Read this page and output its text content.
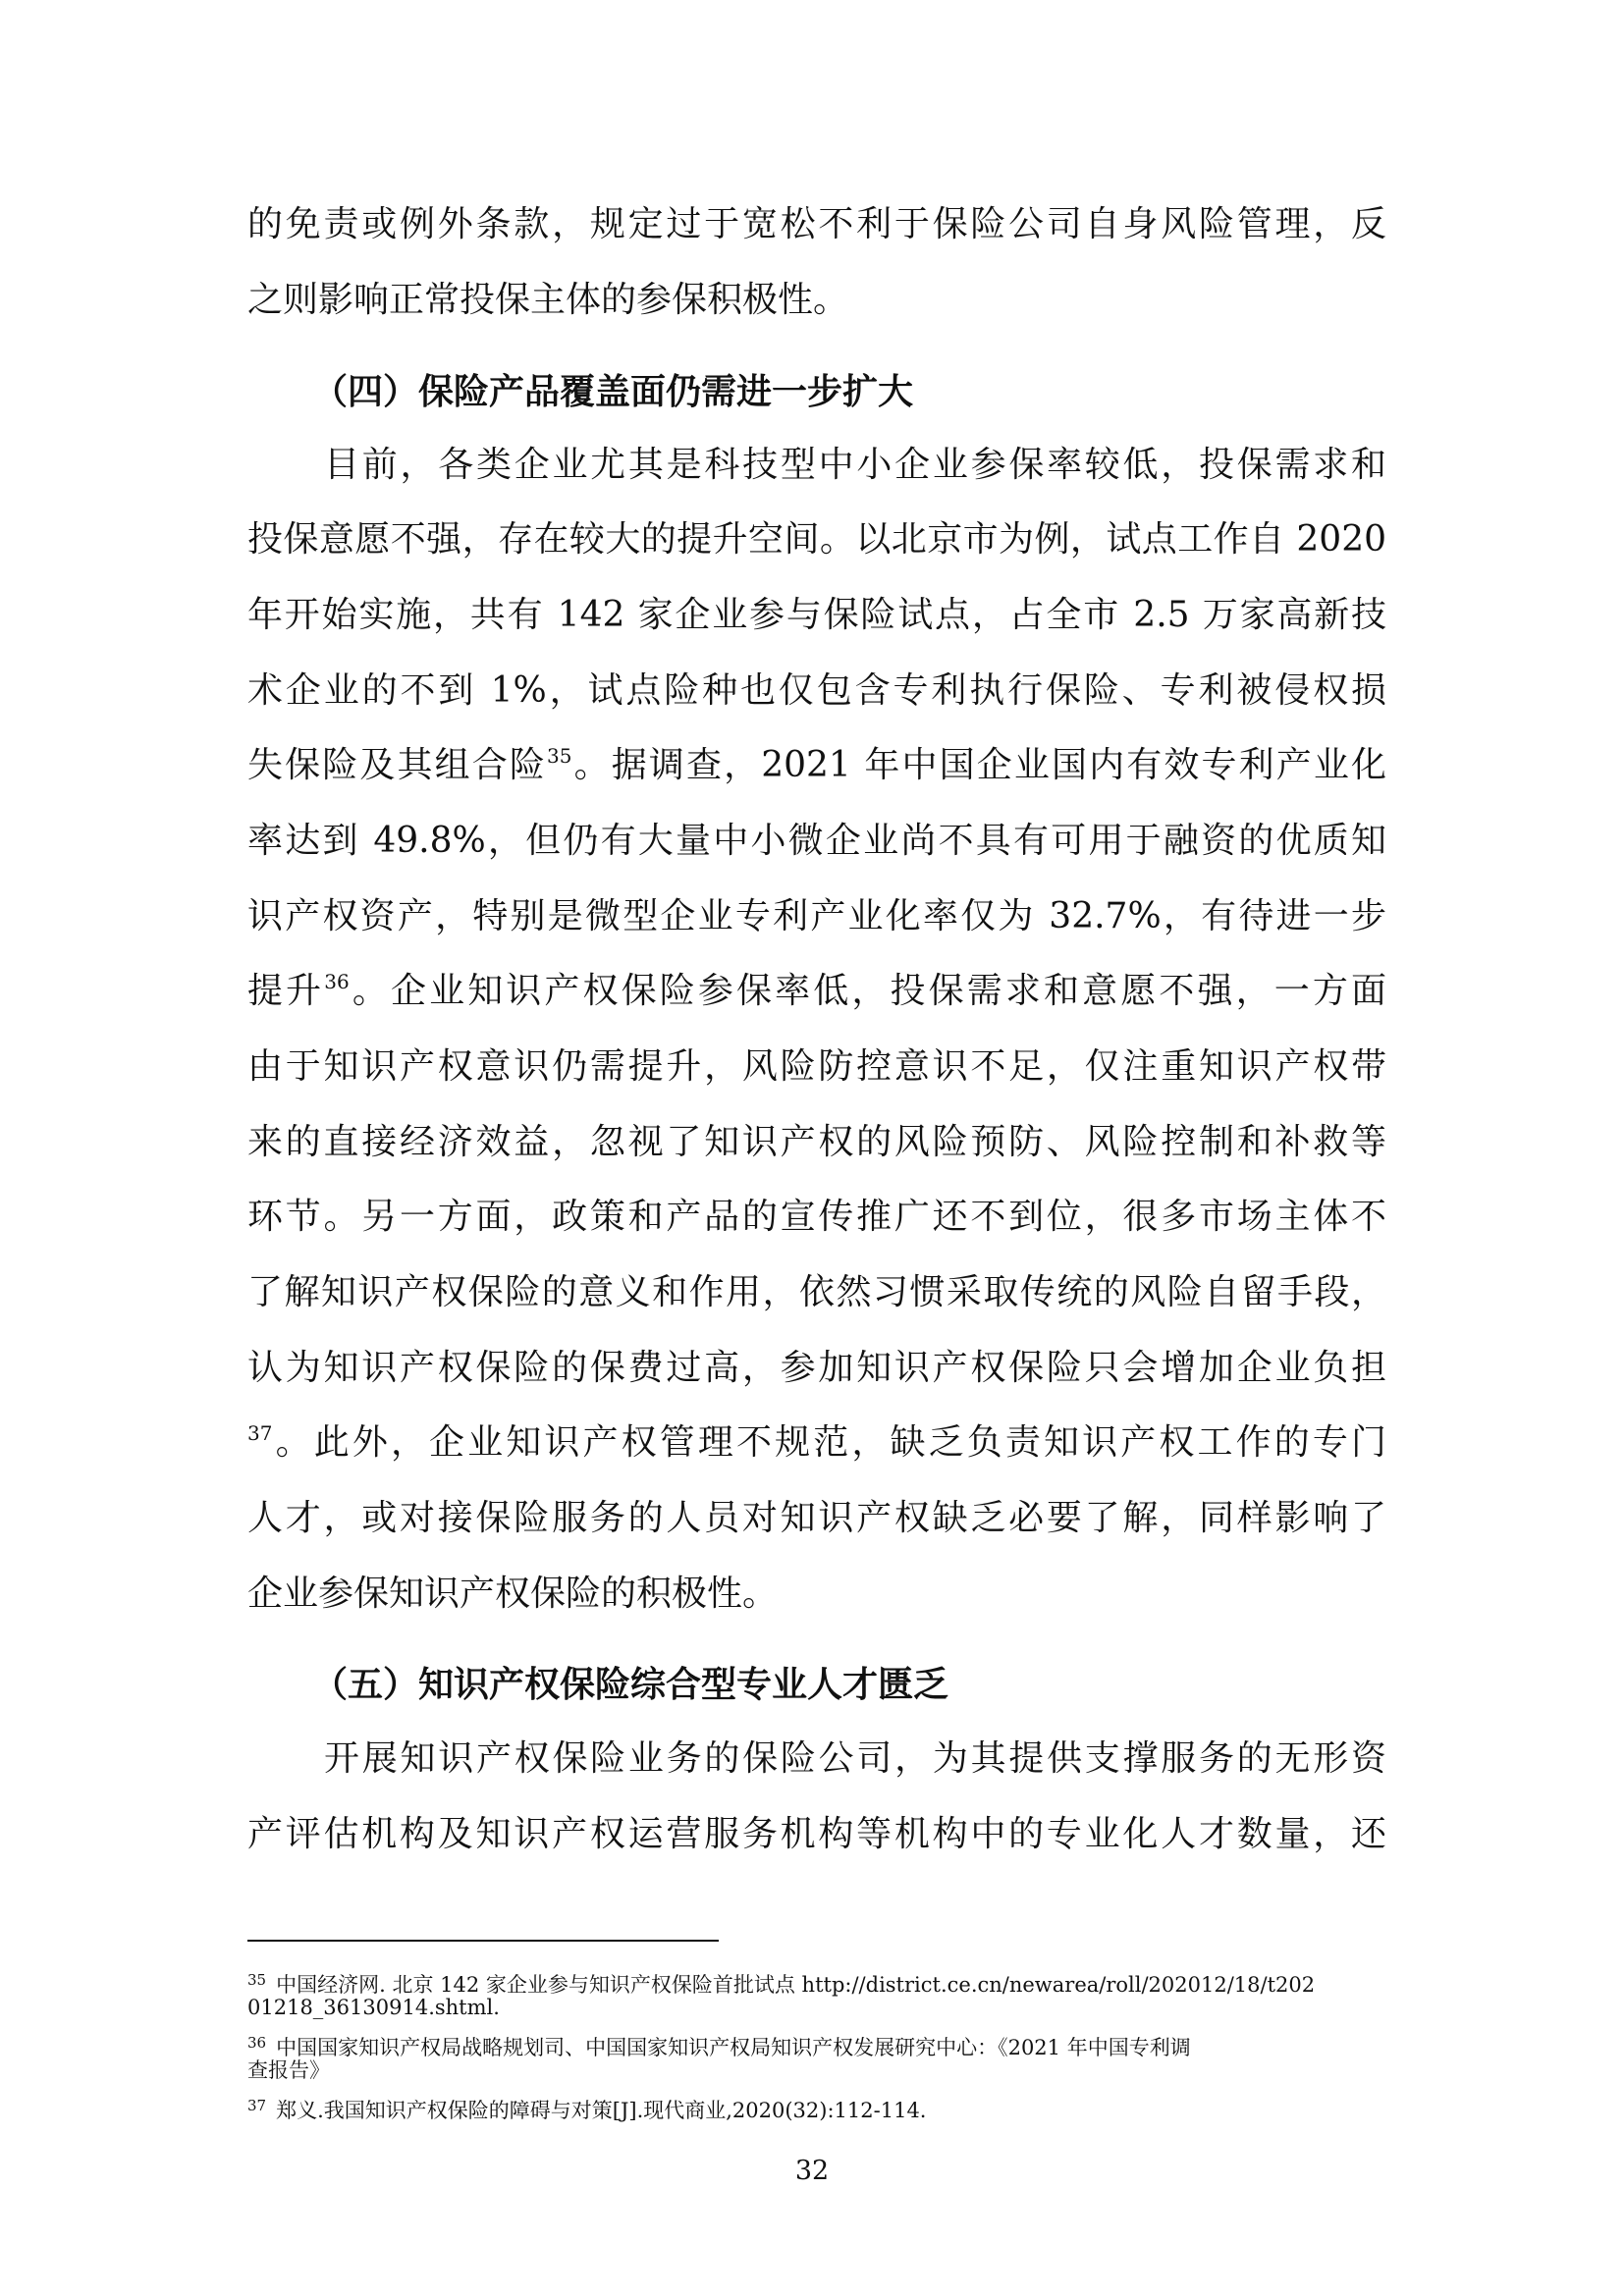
的免责或例外条款，规定过于宽松不利于保险公司自身风险管理，反
之则影响正常投保主体的参保积极性。
（四）保险产品覆盖面仍需进一步扩大
目前，各类企业尤其是科技型中小企业参保率较低，投保需求和
投保意愿不强，存在较大的提升空间。以北京市为例，试点工作自 2020
年开始实施，共有 142 家企业参与保险试点，占全市 2.5 万家高新技
术企业的不到 1%，试点险种也仅包含专利执行保险、专利被侵权损
失保险及其组合险$^{35}$。据调查，2021 年中国企业国内有效专利产业化
率达到 49.8%，但仍有大量中小微企业尚不具有可用于融资的优质知
识产权资产，特别是微型企业专利产业化率仅为 32.7%，有待进一步
提升$^{36}$。企业知识产权保险参保率低，投保需求和意愿不强，一方面
由于知识产权意识仍需提升，风险防控意识不足，仅注重知识产权带
来的直接经济效益，忽视了知识产权的风险预防、风险控制和补救等
环节。另一方面，政策和产品的宣传推广还不到位，很多市场主体不
了解知识产权保险的意义和作用，依然习惯采取传统的风险自留手段，
认为知识产权保险的保费过高，参加知识产权保险只会增加企业负担
$^{37}$。此外，企业知识产权管理不规范，缺乏负责知识产权工作的专门
人才，或对接保险服务的人员对知识产权缺乏必要了解，同样影响了
企业参保知识产权保险的积极性。
（五）知识产权保险综合型专业人才匮乏
开展知识产权保险业务的保险公司，为其提供支撑服务的无形资
产评估机构及知识产权运营服务机构等机构中的专业化人才数量，还
$^{35}$ 中国经济网. 北京 142 家企业参与知识产权保险首批试点 http://district.ce.cn/newarea/roll/202012/18/t202
01218_36130914.shtml.
$^{36}$ 中国国家知识产权局战略规划司、中国国家知识产权局知识产权发展研究中心：《2021 年中国专利调
查报告》
$^{37}$ 郑义.我国知识产权保险的障碍与对策[J].现代商业,2020(32):112-114.
32
